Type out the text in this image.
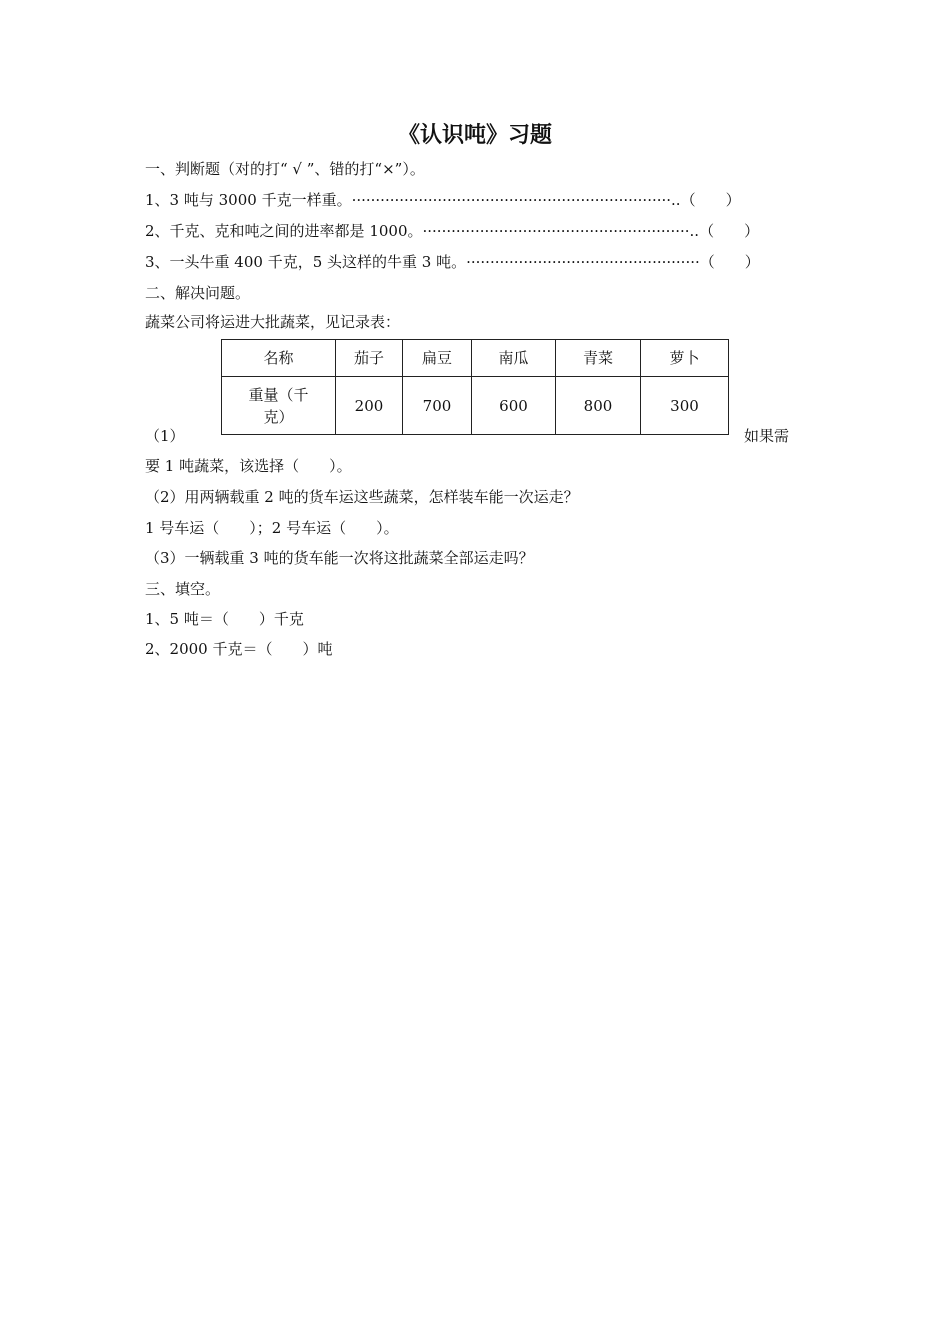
《认识吨》习题
一、判断题（对的打“ √ ”、错的打“×”）。
1、3 吨与 3000 千克一样重。 ···································································.. （　　）
2、千克、克和吨之间的进率都是 1000。 ························································.. （　　）
3、一头牛重 400 千克，5 头这样的牛重 3 吨。 ················································· （　　）
二、解决问题。
蔬菜公司将运进大批蔬菜，见记录表：
名称	茄子	扁豆	南瓜	青菜	萝卜

重量（千
克）	200	700	600	800	300
（1）	如果需
要 1 吨蔬菜，该选择（　　）。
（2）用两辆载重 2 吨的货车运这些蔬菜，怎样装车能一次运走？
1 号车运（　　）；2 号车运（　　）。
（3）一辆载重 3 吨的货车能一次将这批蔬菜全部运走吗？
三、填空。
1、5 吨＝（　　）千克
2、2000 千克＝（　　）吨
